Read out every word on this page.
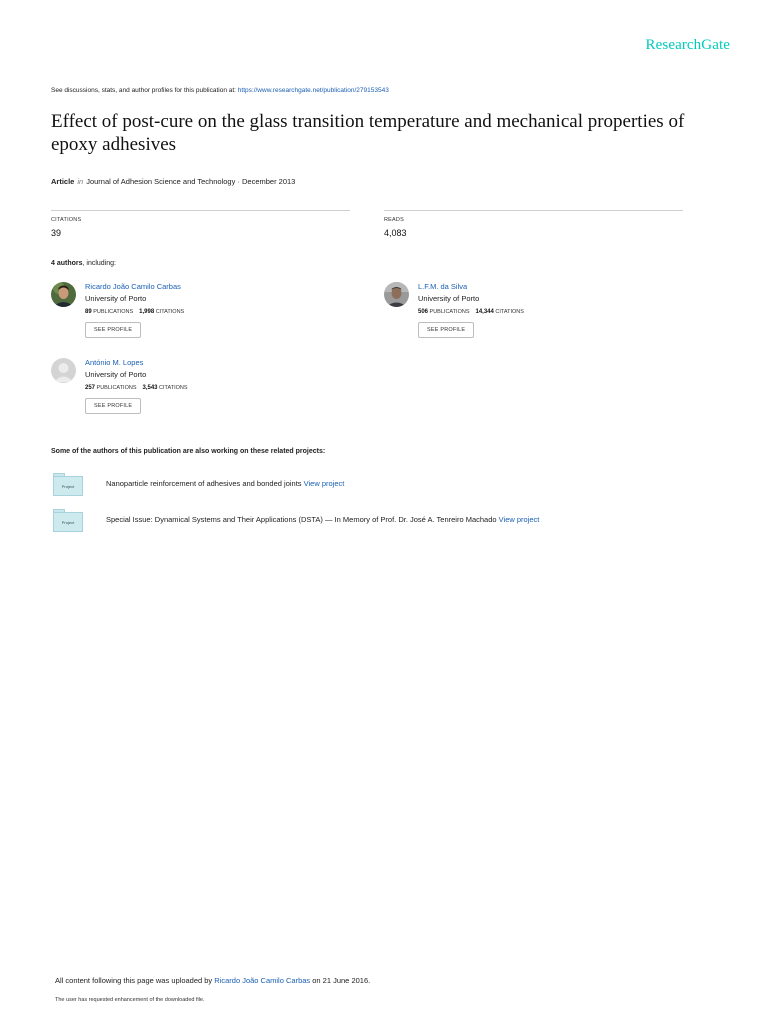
ResearchGate
See discussions, stats, and author profiles for this publication at: https://www.researchgate.net/publication/279153543
Effect of post-cure on the glass transition temperature and mechanical properties of epoxy adhesives
Article in Journal of Adhesion Science and Technology · December 2013
CITATIONS
39
READS
4,083
4 authors, including:
Ricardo João Camilo Carbas
University of Porto
89 PUBLICATIONS 1,998 CITATIONS
SEE PROFILE
L.F.M. da Silva
University of Porto
506 PUBLICATIONS 14,344 CITATIONS
SEE PROFILE
António M. Lopes
University of Porto
257 PUBLICATIONS 3,543 CITATIONS
SEE PROFILE
Some of the authors of this publication are also working on these related projects:
Project	Nanoparticle reinforcement of adhesives and bonded joints View project
Project	Special Issue: Dynamical Systems and Their Applications (DSTA) — In Memory of Prof. Dr. José A. Tenreiro Machado View project
All content following this page was uploaded by Ricardo João Camilo Carbas on 21 June 2016.
The user has requested enhancement of the downloaded file.
